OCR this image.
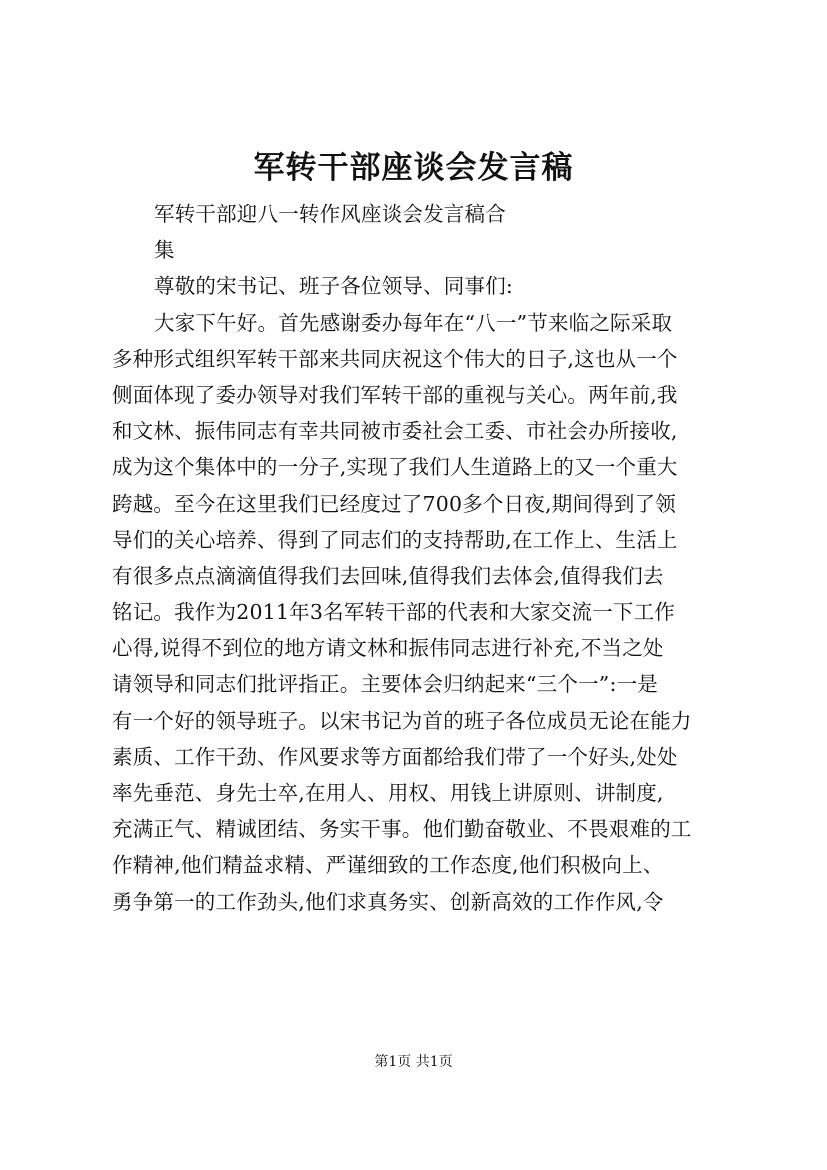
军转干部座谈会发言稿
军转干部迎八一转作风座谈会发言稿合
集
尊敬的宋书记、班子各位领导、同事们:
大家下午好。首先感谢委办每年在“八一”节来临之际采取
多种形式组织军转干部来共同庆祝这个伟大的日子,这也从一个
侧面体现了委办领导对我们军转干部的重视与关心。两年前,我
和文林、振伟同志有幸共同被市委社会工委、市社会办所接收,
成为这个集体中的一分子,实现了我们人生道路上的又一个重大
跨越。至今在这里我们已经度过了700多个日夜,期间得到了领
导们的关心培养、得到了同志们的支持帮助,在工作上、生活上
有很多点点滴滴值得我们去回味,值得我们去体会,值得我们去
铭记。我作为2011年3名军转干部的代表和大家交流一下工作
心得,说得不到位的地方请文林和振伟同志进行补充,不当之处
请领导和同志们批评指正。主要体会归纳起来“三个一”:一是
有一个好的领导班子。以宋书记为首的班子各位成员无论在能力
素质、工作干劲、作风要求等方面都给我们带了一个好头,处处
率先垂范、身先士卒,在用人、用权、用钱上讲原则、讲制度,
充满正气、精诚团结、务实干事。他们勤奋敬业、不畏艰难的工
作精神,他们精益求精、严谨细致的工作态度,他们积极向上、
勇争第一的工作劲头,他们求真务实、创新高效的工作作风,令
第1页 共1页
